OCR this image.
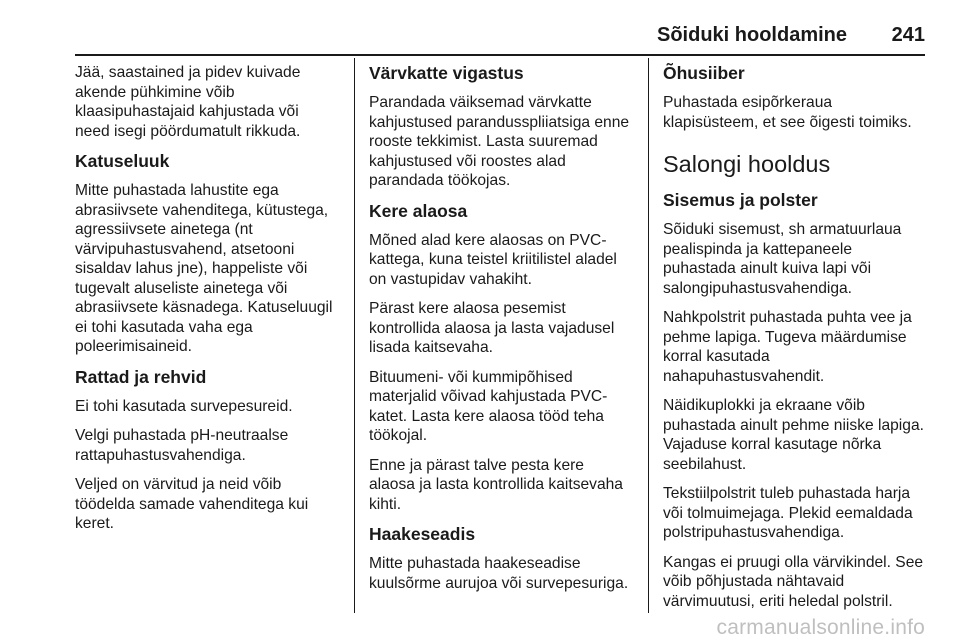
Sõiduki hooldamine 241
Jää, saastained ja pidev kuivade
akende pühkimine võib
klaasipuhastajaid kahjustada või
need isegi pöördumatult rikkuda.
Katuseluuk
Mitte puhastada lahustite ega
abrasiivsete vahenditega, kütustega,
agressiivsete ainetega (nt
värvipuhastusvahend, atsetooni
sisaldav lahus jne), happeliste või
tugevalt aluseliste ainetega või
abrasiivsete käsnadega. Katuseluugil
ei tohi kasutada vaha ega
poleerimisaineid.
Rattad ja rehvid
Ei tohi kasutada survepesureid.
Velgi puhastada pH-neutraalse
rattapuhastusvahendiga.
Veljed on värvitud ja neid võib
töödelda samade vahenditega kui
keret.
Värvkatte vigastus
Parandada väiksemad värvkatte
kahjustused parandusspliiatsiga enne
rooste tekkimist. Lasta suuremad
kahjustused või roostes alad
parandada töökojas.
Kere alaosa
Mõned alad kere alaosas on PVC-
kattega, kuna teistel kriitilistel aladel
on vastupidav vahakiht.
Pärast kere alaosa pesemist
kontrollida alaosa ja lasta vajadusel
lisada kaitsevaha.
Bituumeni- või kummipõhised
materjalid võivad kahjustada PVC-
katet. Lasta kere alaosa tööd teha
töökojal.
Enne ja pärast talve pesta kere
alaosa ja lasta kontrollida kaitsevaha
kihti.
Haakeseadis
Mitte puhastada haakeseadise
kuulsõrme aurujoa või survepesuriga.
Õhusiiber
Puhastada esipõrkeraua
klapisüsteem, et see õigesti toimiks.
Salongi hooldus
Sisemus ja polster
Sõiduki sisemust, sh armatuurlaua
pealispinda ja kattepaneele
puhastada ainult kuiva lapi või
salongipuhastusvahendiga.
Nahkpolstrit puhastada puhta vee ja
pehme lapiga. Tugeva määrdumise
korral kasutada
nahapuhastusvahendit.
Näidikuplokki ja ekraane võib
puhastada ainult pehme niiske lapiga.
Vajaduse korral kasutage nõrka
seebilahust.
Tekstiilpolstrit tuleb puhastada harja
või tolmuimejaga. Plekid eemaldada
polstripuhastusvahendiga.
Kangas ei pruugi olla värvikindel. See
võib põhjustada nähtavaid
värvimuutusi, eriti heledal polstril.
carmanualsonline.info
